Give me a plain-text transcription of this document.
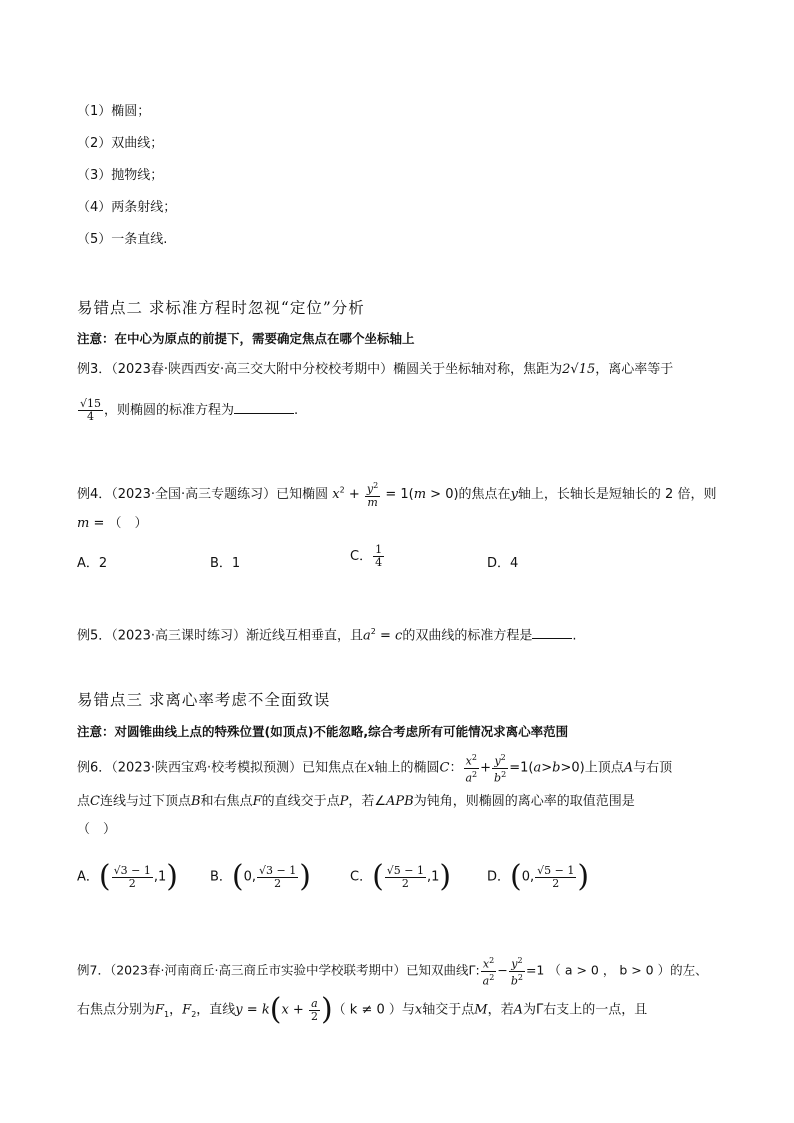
（1）椭圆；
（2）双曲线；
（3）抛物线；
（4）两条射线；
（5）一条直线.
易错点二 求标准方程时忽视“定位”分析
注意：在中心为原点的前提下，需要确定焦点在哪个坐标轴上
例3．（2023春·陕西西安·高三交大附中分校校考期中）椭圆关于坐标轴对称，焦距为2√15，离心率等于
$\frac{√15}{4}$ ，则椭圆的标准方程为	.
例4．（2023·全国·高三专题练习）已知椭圆 $x^2 + \frac{y^2}{m} = 1(m > 0)$的焦点在y轴上，长轴长是短轴长的 2 倍，则
m = （　）
A．2	B．1	C． $\frac{1}{4}$	D．4
例5．（2023·高三课时练习）渐近线互相垂直，且$a^2 = c$的双曲线的标准方程是	.
易错点三 求离心率考虑不全面致误
注意：对圆锥曲线上点的特殊位置(如顶点)不能忽略,综合考虑所有可能情况求离心率范围
例6．（2023·陕西宝鸡·校考模拟预测）已知焦点在x轴上的椭圆C： $\frac{x^2}{a^2} + \frac{y^2}{b^2} =1(a>b>0)$上顶点A与右顶
点C连线与过下顶点B和右焦点F的直线交于点P，若∠APB为钝角，则椭圆的离心率的取值范围是
（　）
A．( $\frac{√3 - 1}{2} ,1$) B．(0, $\frac{√3 - 1}{2}$ )	C．( $\frac{√5 - 1}{2} ,1$)	D．(0, $\frac{√5 - 1}{2}$ )
例7．（2023春·河南商丘·高三商丘市实验中学校联考期中）已知双曲线Γ: $\frac{x^2}{a^2} - \frac{y^2}{b^2} =1$ （ a > 0 ， b > 0 ）的左、
右焦点分别为$F_1$，$F_2$，直线$y = k(x + \frac{a}{2}$ )（ k ≠ 0 ）与x轴交于点M，若A为Γ右支上的一点，且
